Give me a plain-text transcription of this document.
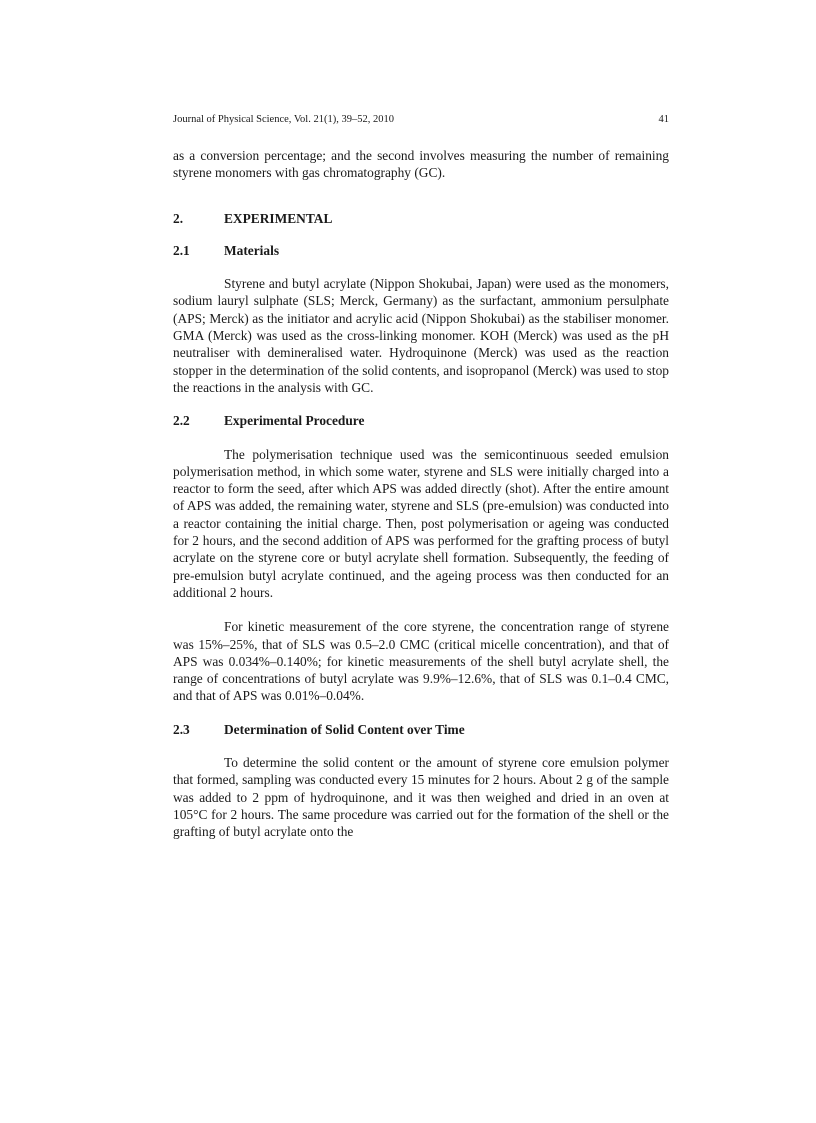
Journal of Physical Science, Vol. 21(1), 39–52, 2010	41

as a conversion percentage; and the second involves measuring the number of remaining styrene monomers with gas chromatography (GC).

2.	EXPERIMENTAL
2.1	Materials

Styrene and butyl acrylate (Nippon Shokubai, Japan) were used as the monomers, sodium lauryl sulphate (SLS; Merck, Germany) as the surfactant, ammonium persulphate (APS; Merck) as the initiator and acrylic acid (Nippon Shokubai) as the stabiliser monomer. GMA (Merck) was used as the cross-linking monomer. KOH (Merck) was used as the pH neutraliser with demineralised water. Hydroquinone (Merck) was used as the reaction stopper in the determination of the solid contents, and isopropanol (Merck) was used to stop the reactions in the analysis with GC.

2.2	Experimental Procedure

The polymerisation technique used was the semicontinuous seeded emulsion polymerisation method, in which some water, styrene and SLS were initially charged into a reactor to form the seed, after which APS was added directly (shot). After the entire amount of APS was added, the remaining water, styrene and SLS (pre-emulsion) was conducted into a reactor containing the initial charge. Then, post polymerisation or ageing was conducted for 2 hours, and the second addition of APS was performed for the grafting process of butyl acrylate on the styrene core or butyl acrylate shell formation. Subsequently, the feeding of pre-emulsion butyl acrylate continued, and the ageing process was then conducted for an additional 2 hours.

For kinetic measurement of the core styrene, the concentration range of styrene was 15%–25%, that of SLS was 0.5–2.0 CMC (critical micelle concentration), and that of APS was 0.034%–0.140%; for kinetic measurements of the shell butyl acrylate shell, the range of concentrations of butyl acrylate was 9.9%–12.6%, that of SLS was 0.1–0.4 CMC, and that of APS was 0.01%–0.04%.

2.3	Determination of Solid Content over Time

To determine the solid content or the amount of styrene core emulsion polymer that formed, sampling was conducted every 15 minutes for 2 hours. About 2 g of the sample was added to 2 ppm of hydroquinone, and it was then weighed and dried in an oven at 105°C for 2 hours. The same procedure was carried out for the formation of the shell or the grafting of butyl acrylate onto the
